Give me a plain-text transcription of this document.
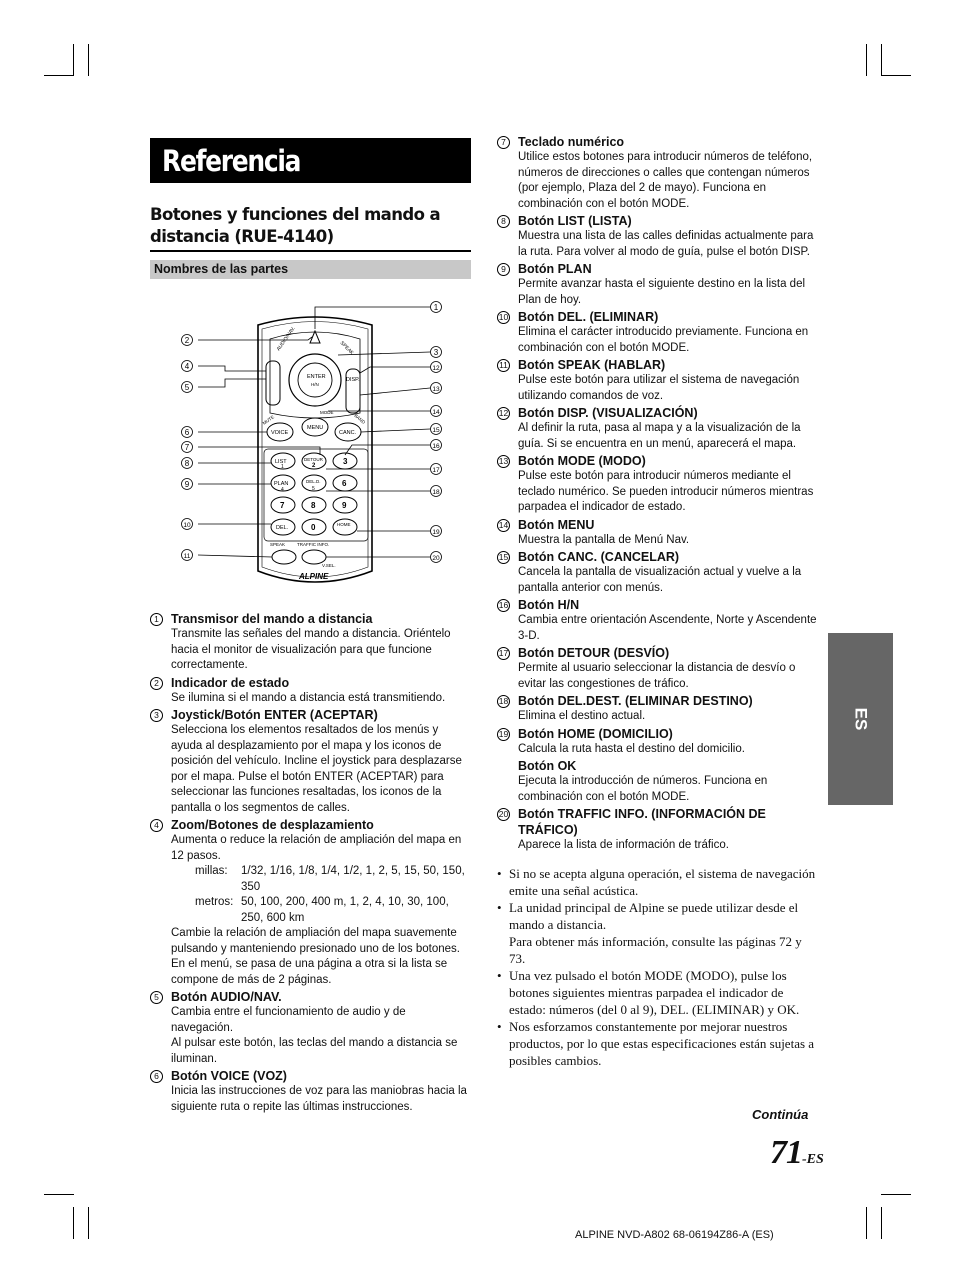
Referencia
Botones y funciones del mando a distancia (RUE-4140)
Nombres de las partes
AUDIO/NAV.	SPEAK
ENTER
H/N
DISP.
MODE
MUTE
VOICE
MENU
CANC.
BAND
LIST	DETOUR
PLAN	DEL.D.
DEL.
HOME
SPEAK	TRAFFIC INFO.
V.SEL.
ALPINE
1	2	3
4	5
6
7	8	9
0
1
2
3
4
5
6
7
8
9
10
11
12
13
14
15
16
17
18
19
20
1 Transmisor del mando a distancia
Transmite las señales del mando a distancia. Oriéntelo hacia el monitor de visualización para que funcione correctamente.
2 Indicador de estado
Se ilumina si el mando a distancia está transmitiendo.
3 Joystick/Botón ENTER (ACEPTAR)
Selecciona los elementos resaltados de los menús y ayuda al desplazamiento por el mapa y los iconos de posición del vehículo. Incline el joystick para desplazarse por el mapa. Pulse el botón ENTER (ACEPTAR) para seleccionar las funciones resaltadas, los iconos de la pantalla o los segmentos de calles.
4 Zoom/Botones de desplazamiento
Aumenta o reduce la relación de ampliación del mapa en 12 pasos.
millas:	1/32, 1/16, 1/8, 1/4, 1/2, 1, 2, 5, 15, 50, 150, 350
metros: 50, 100, 200, 400 m, 1, 2, 4, 10, 30, 100, 250, 600 km
Cambie la relación de ampliación del mapa suavemente pulsando y manteniendo presionado uno de los botones.
En el menú, se pasa de una página a otra si la lista se compone de más de 2 páginas.
5 Botón AUDIO/NAV.
Cambia entre el funcionamiento de audio y de navegación.
Al pulsar este botón, las teclas del mando a distancia se iluminan.
6 Botón VOICE (VOZ)
Inicia las instrucciones de voz para las maniobras hacia la siguiente ruta o repite las últimas instrucciones.
7 Teclado numérico
Utilice estos botones para introducir números de teléfono, números de direcciones o calles que contengan números (por ejemplo, Plaza del 2 de mayo). Funciona en combinación con el botón MODE.
8 Botón LIST (LISTA)
Muestra una lista de las calles definidas actualmente para la ruta. Para volver al modo de guía, pulse el botón DISP.
9 Botón PLAN
Permite avanzar hasta el siguiente destino en la lista del Plan de hoy.
10 Botón DEL. (ELIMINAR)
Elimina el carácter introducido previamente. Funciona en combinación con el botón MODE.
11 Botón SPEAK (HABLAR)
Pulse este botón para utilizar el sistema de navegación utilizando comandos de voz.
12 Botón DISP. (VISUALIZACIÓN)
Al definir la ruta, pasa al mapa y a la visualización de la guía. Si se encuentra en un menú, aparecerá el mapa.
13 Botón MODE (MODO)
Pulse este botón para introducir números mediante el teclado numérico. Se pueden introducir números mientras parpadea el indicador de estado.
14 Botón MENU
Muestra la pantalla de Menú Nav.
15 Botón CANC. (CANCELAR)
Cancela la pantalla de visualización actual y vuelve a la pantalla anterior con menús.
16 Botón H/N
Cambia entre orientación Ascendente, Norte y Ascendente 3-D.
17 Botón DETOUR (DESVÍO)
Permite al usuario seleccionar la distancia de desvío o evitar las congestiones de tráfico.
18 Botón DEL.DEST. (ELIMINAR DESTINO)
Elimina el destino actual.
19 Botón HOME (DOMICILIO)
Calcula la ruta hasta el destino del domicilio.
Botón OK
Ejecuta la introducción de números. Funciona en combinación con el botón MODE.
20 Botón TRAFFIC INFO. (INFORMACIÓN DE TRÁFICO)
Aparece la lista de información de tráfico.
• Si no se acepta alguna operación, el sistema de navegación emite una señal acústica.
• La unidad principal de Alpine se puede utilizar desde el mando a distancia.
Para obtener más información, consulte las páginas 72 y 73.
• Una vez pulsado el botón MODE (MODO), pulse los botones siguientes mientras parpadea el indicador de estado: números (del 0 al 9), DEL. (ELIMINAR) y OK.
• Nos esforzamos constantemente por mejorar nuestros productos, por lo que estas especificaciones están sujetas a posibles cambios.
ES
Continúa
71-ES
ALPINE NVD-A802 68-06194Z86-A (ES)
